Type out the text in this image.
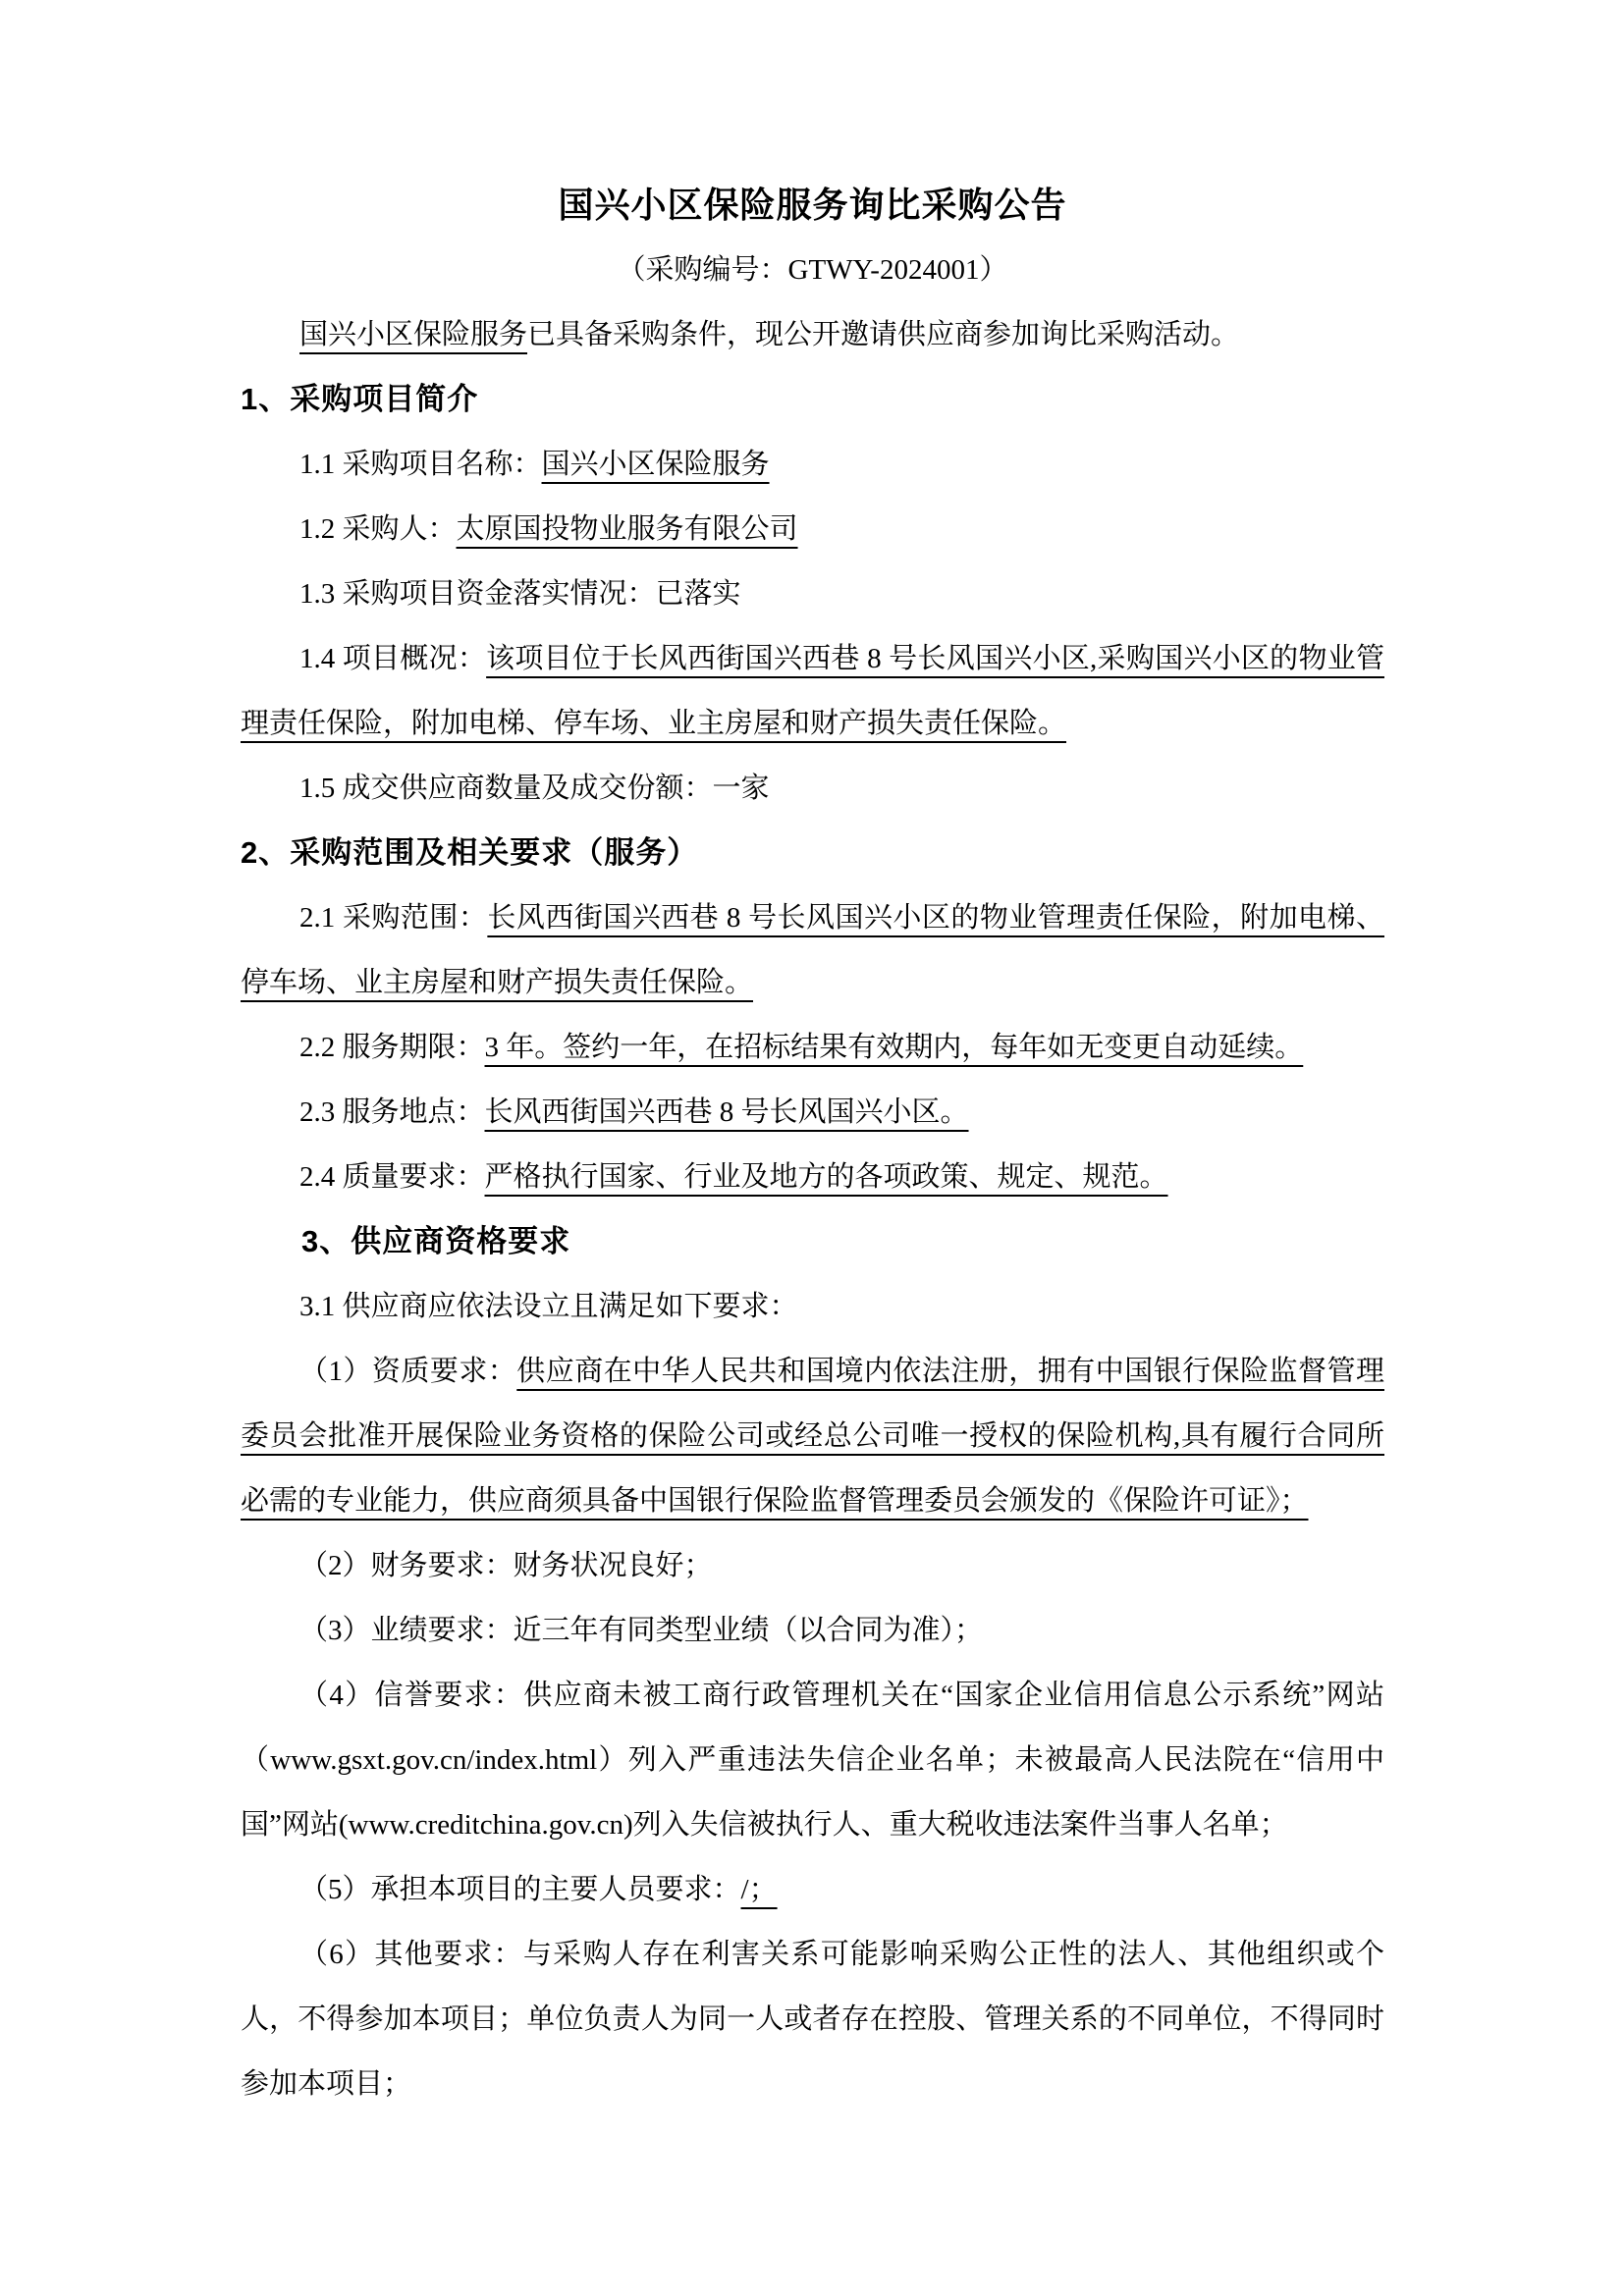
国兴小区保险服务询比采购公告

（采购编号：GTWY-2024001）

国兴小区保险服务已具备采购条件，现公开邀请供应商参加询比采购活动。

1、采购项目简介

1.1 采购项目名称：国兴小区保险服务

1.2 采购人：太原国投物业服务有限公司

1.3 采购项目资金落实情况：已落实

1.4 项目概况：该项目位于长风西街国兴西巷 8 号长风国兴小区,采购国兴小区的物业管理责任保险，附加电梯、停车场、业主房屋和财产损失责任保险。

1.5 成交供应商数量及成交份额：一家

2、采购范围及相关要求（服务）

2.1 采购范围：长风西街国兴西巷 8 号长风国兴小区的物业管理责任保险，附加电梯、停车场、业主房屋和财产损失责任保险。

2.2 服务期限：3 年。签约一年，在招标结果有效期内，每年如无变更自动延续。

2.3 服务地点：长风西街国兴西巷 8 号长风国兴小区。

2.4 质量要求：严格执行国家、行业及地方的各项政策、规定、规范。

3、供应商资格要求

3.1 供应商应依法设立且满足如下要求：

（1）资质要求：供应商在中华人民共和国境内依法注册，拥有中国银行保险监督管理委员会批准开展保险业务资格的保险公司或经总公司唯一授权的保险机构,具有履行合同所必需的专业能力，供应商须具备中国银行保险监督管理委员会颁发的《保险许可证》；

（2）财务要求：财务状况良好；

（3）业绩要求：近三年有同类型业绩（以合同为准）；

（4）信誉要求：供应商未被工商行政管理机关在“国家企业信用信息公示系统”网站（www.gsxt.gov.cn/index.html）列入严重违法失信企业名单；未被最高人民法院在“信用中国”网站(www.creditchina.gov.cn)列入失信被执行人、重大税收违法案件当事人名单；

（5）承担本项目的主要人员要求：/；

（6）其他要求：与采购人存在利害关系可能影响采购公正性的法人、其他组织或个人，不得参加本项目；单位负责人为同一人或者存在控股、管理关系的不同单位，不得同时参加本项目；
